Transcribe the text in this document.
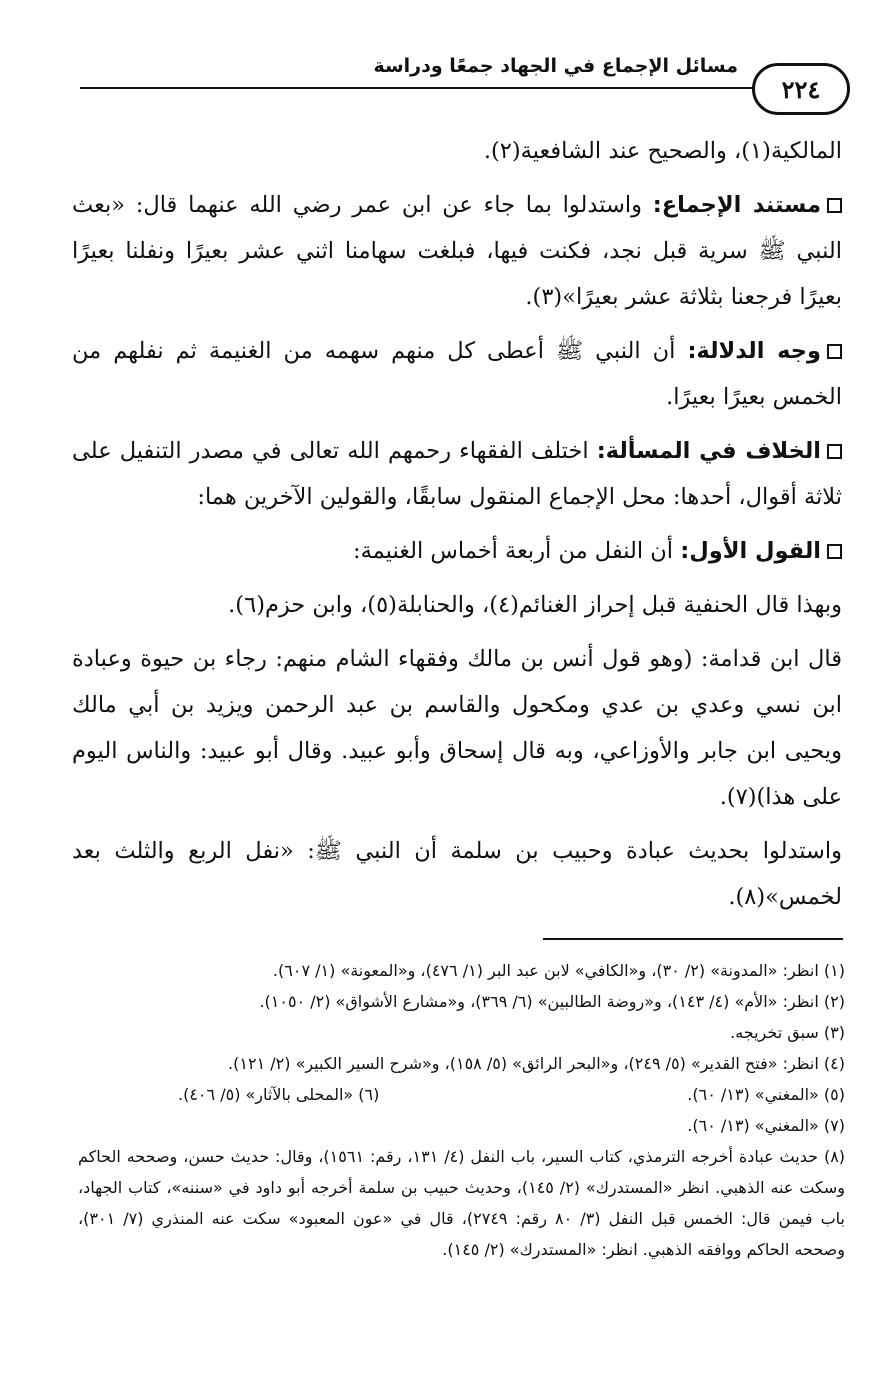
مسائل الإجماع في الجهاد جمعًا ودراسة
٢٢٤

المالكية(١)، والصحيح عند الشافعية(٢).

مستند الإجماع: واستدلوا بما جاء عن ابن عمر رضي الله عنهما قال: «بعث النبي ﷺ سرية قبل نجد، فكنت فيها، فبلغت سهامنا اثني عشر بعيرًا ونفلنا بعيرًا بعيرًا فرجعنا بثلاثة عشر بعيرًا»(٣).

وجه الدلالة: أن النبي ﷺ أعطى كل منهم سهمه من الغنيمة ثم نفلهم من الخمس بعيرًا بعيرًا.

الخلاف في المسألة: اختلف الفقهاء رحمهم الله تعالى في مصدر التنفيل على ثلاثة أقوال، أحدها: محل الإجماع المنقول سابقًا، والقولين الآخرين هما:

القول الأول: أن النفل من أربعة أخماس الغنيمة:

وبهذا قال الحنفية قبل إحراز الغنائم(٤)، والحنابلة(٥)، وابن حزم(٦).

قال ابن قدامة: (وهو قول أنس بن مالك وفقهاء الشام منهم: رجاء بن حيوة وعبادة ابن نسي وعدي بن عدي ومكحول والقاسم بن عبد الرحمن ويزيد بن أبي مالك ويحيى ابن جابر والأوزاعي، وبه قال إسحاق وأبو عبيد. وقال أبو عبيد: والناس اليوم على هذا)(٧).

واستدلوا بحديث عبادة وحبيب بن سلمة أن النبي ﷺ: «نفل الربع والثلث بعد لخمس»(٨).

(١) انظر: «المدونة» (٢/ ٣٠)، و«الكافي» لابن عبد البر (١/ ٤٧٦)، و«المعونة» (١/ ٦٠٧).

(٢) انظر: «الأم» (٤/ ١٤٣)، و«روضة الطالبين» (٦/ ٣٦٩)، و«مشارع الأشواق» (٢/ ١٠٥٠).

(٣) سبق تخريجه.

(٤) انظر: «فتح القدير» (٥/ ٢٤٩)، و«البحر الرائق» (٥/ ١٥٨)، و«شرح السير الكبير» (٢/ ١٢١).

(٥) «المغني» (١٣/ ٦٠).

(٦) «المحلى بالآثار» (٥/ ٤٠٦).

(٧) «المغني» (١٣/ ٦٠).

(٨) حديث عبادة أخرجه الترمذي، كتاب السير، باب النفل (٤/ ١٣١، رقم: ١٥٦١)، وقال: حديث حسن، وصححه الحاكم وسكت عنه الذهبي. انظر «المستدرك» (٢/ ١٤٥)، وحديث حبيب بن سلمة أخرجه أبو داود في «سننه»، كتاب الجهاد، باب فيمن قال: الخمس قبل النفل (٣/ ٨٠ رقم: ٢٧٤٩)، قال في «عون المعبود» سكت عنه المنذري (٧/ ٣٠١)، وصححه الحاكم ووافقه الذهبي. انظر: «المستدرك» (٢/ ١٤٥).
